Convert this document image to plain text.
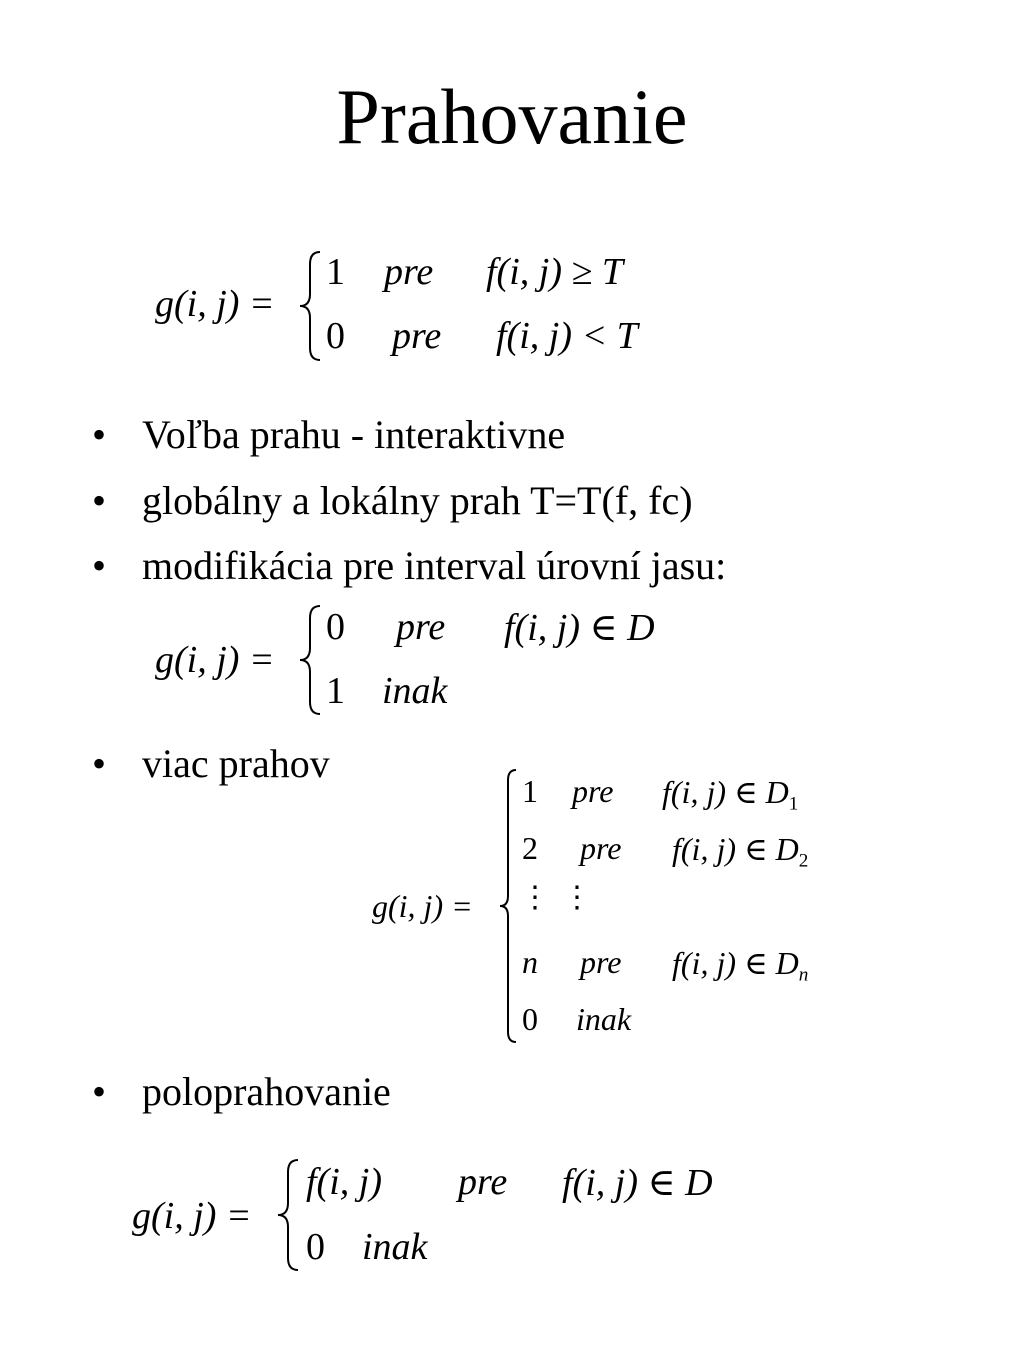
Prahovanie
g(i, j) =
1 pre f(i, j) ≥ T
0 pre f(i, j) < T
• Voľba prahu - interaktivne
• globálny a lokálny prah T=T(f, fc)
• modifikácia pre interval úrovní jasu:
g(i, j) =
0 pre f(i, j) ∈ D
1 inak
• viac prahov
g(i, j) =
1 pre f(i, j) ∈ $D_1$
2 pre f(i, j) ∈ $D_2$
⋮ ⋮
n pre f(i, j) ∈ $D_n$
0 inak
• poloprahovanie
g(i, j) =
f(i, j) pre f(i, j) ∈ D
0 inak
